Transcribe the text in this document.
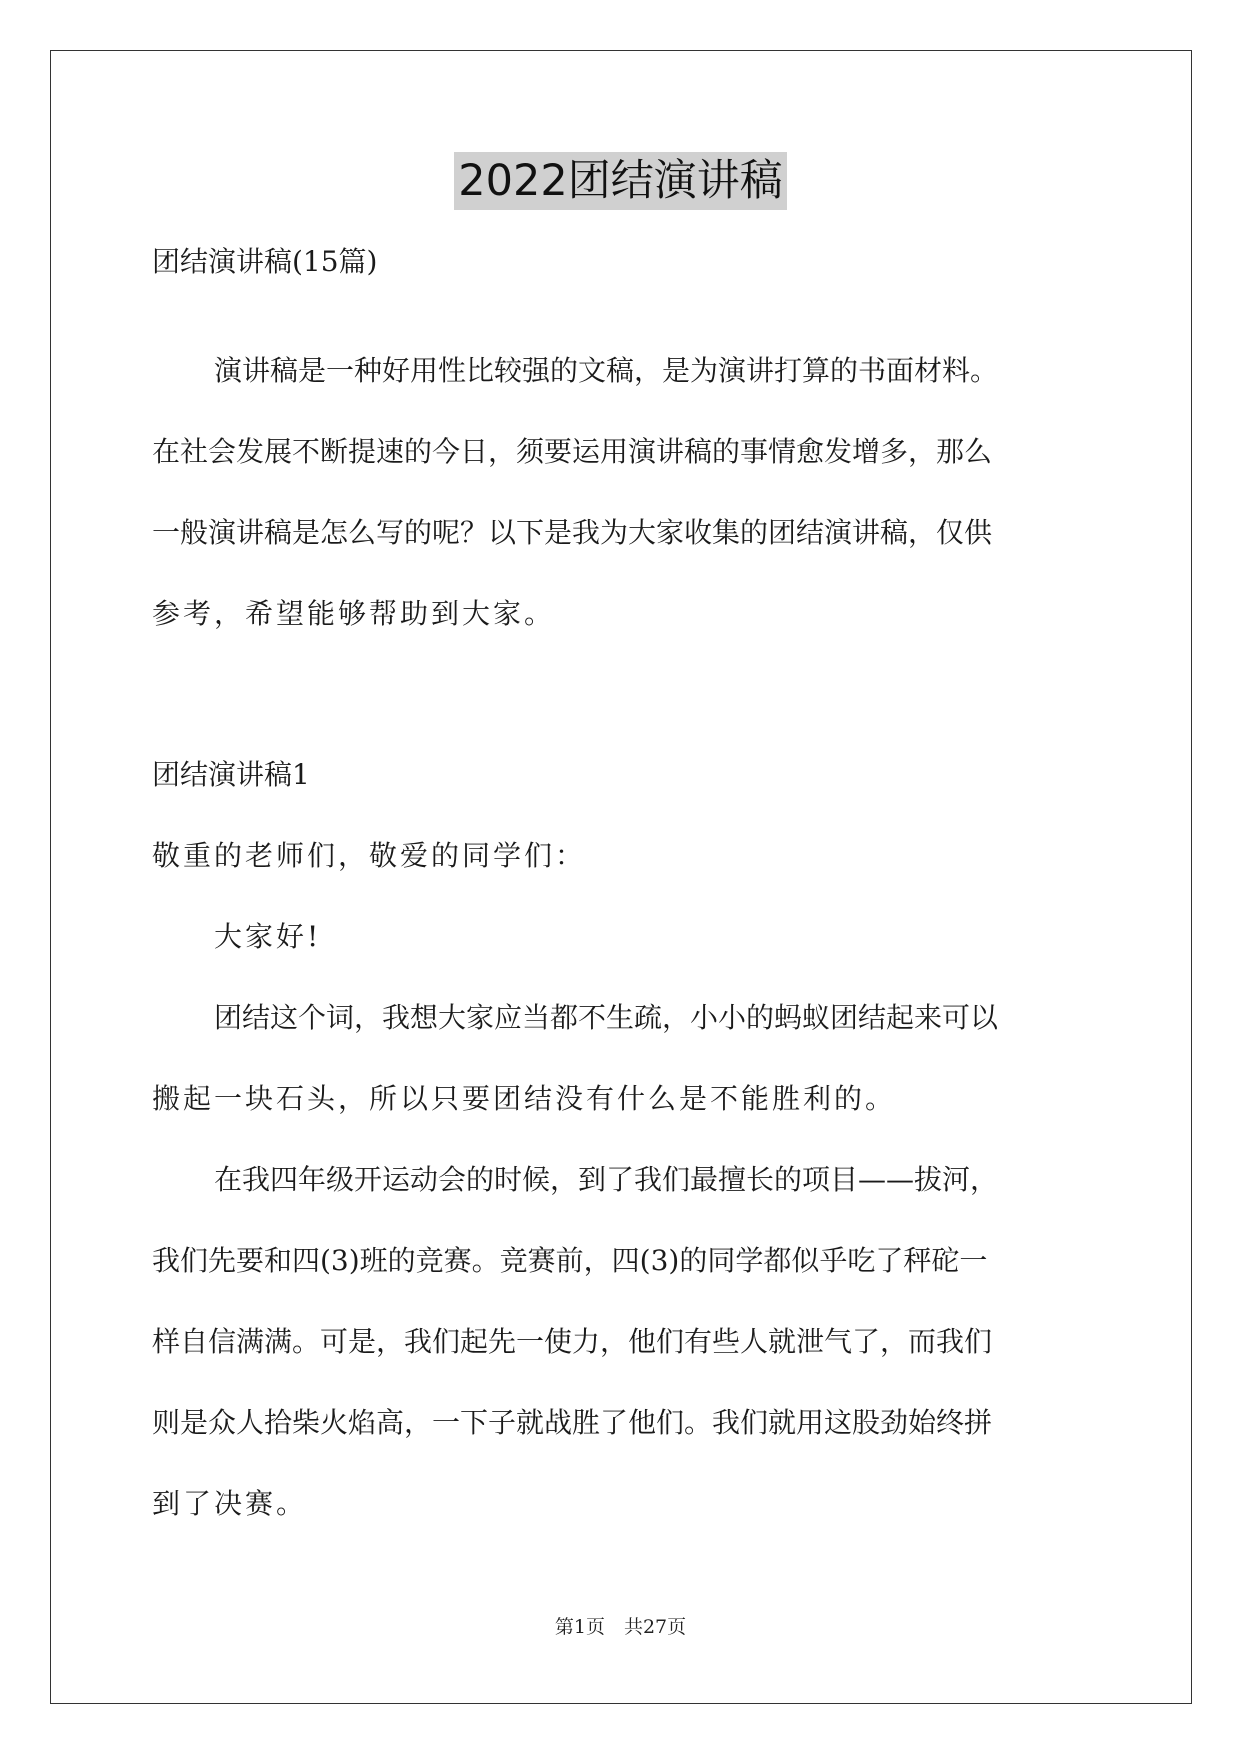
2022团结演讲稿
团结演讲稿(15篇)
演讲稿是一种好用性比较强的文稿，是为演讲打算的书面材料。
在社会发展不断提速的今日，须要运用演讲稿的事情愈发增多，那么
一般演讲稿是怎么写的呢？以下是我为大家收集的团结演讲稿，仅供
参考，希望能够帮助到大家。
团结演讲稿1
敬重的老师们，敬爱的同学们：
大家好!
团结这个词，我想大家应当都不生疏，小小的蚂蚁团结起来可以
搬起一块石头，所以只要团结没有什么是不能胜利的。
在我四年级开运动会的时候，到了我们最擅长的项目——拔河，
我们先要和四(3)班的竞赛。竞赛前，四(3)的同学都似乎吃了秤砣一
样自信满满。可是，我们起先一使力，他们有些人就泄气了，而我们
则是众人拾柴火焰高，一下子就战胜了他们。我们就用这股劲始终拼
到了决赛。
第1页　共27页
